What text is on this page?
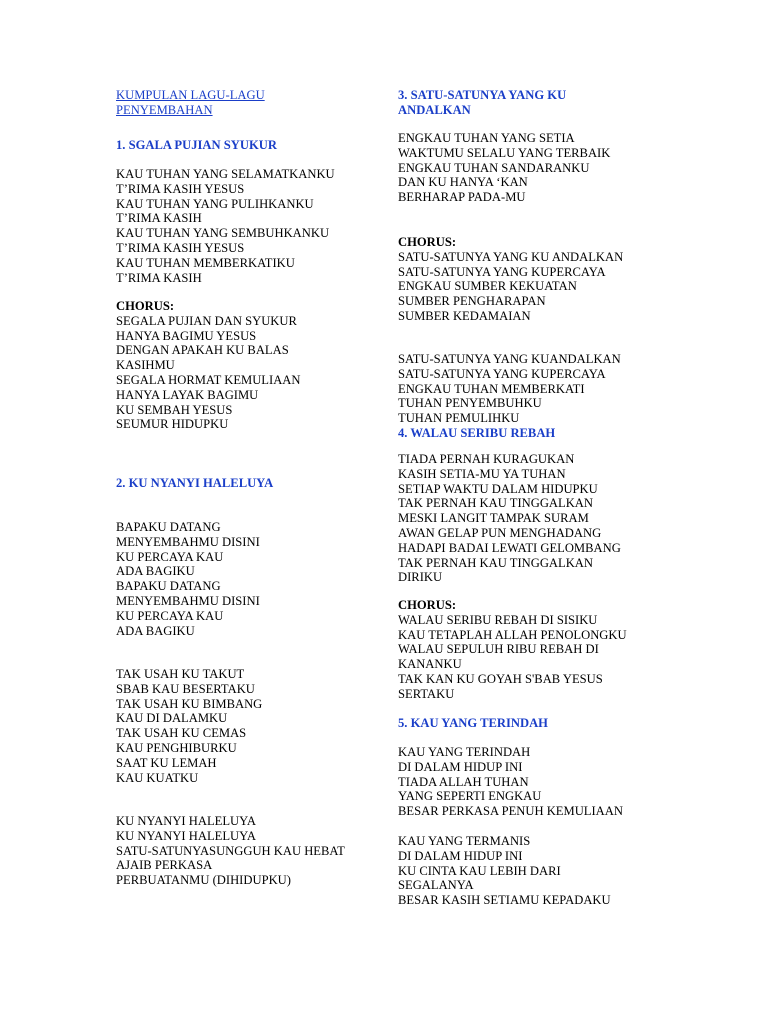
KUMPULAN LAGU-LAGU
PENYEMBAHAN
1. SGALA PUJIAN SYUKUR
KAU TUHAN YANG SELAMATKANKU
T’RIMA KASIH YESUS
KAU TUHAN YANG PULIHKANKU
T’RIMA KASIH
KAU TUHAN YANG SEMBUHKANKU
T’RIMA KASIH YESUS
KAU TUHAN MEMBERKATIKU
T’RIMA KASIH
CHORUS:
SEGALA PUJIAN DAN SYUKUR
HANYA BAGIMU YESUS
DENGAN APAKAH KU BALAS
KASIHMU
SEGALA HORMAT KEMULIAAN
HANYA LAYAK BAGIMU
KU SEMBAH YESUS
SEUMUR HIDUPKU
2. KU NYANYI HALELUYA
BAPAKU DATANG
MENYEMBAHMU DISINI
KU PERCAYA KAU
ADA BAGIKU
BAPAKU DATANG
MENYEMBAHMU DISINI
KU PERCAYA KAU
ADA BAGIKU
TAK USAH KU TAKUT
SBAB KAU BESERTAKU
TAK USAH KU BIMBANG
KAU DI DALAMKU
TAK USAH KU CEMAS
KAU PENGHIBURKU
SAAT KU LEMAH
KAU KUATKU
KU NYANYI HALELUYA
KU NYANYI HALELUYA
SATU-SATUNYASUNGGUH KAU HEBAT
AJAIB PERKASA
PERBUATANMU (DIHIDUPKU)
3. SATU-SATUNYA YANG KU
ANDALKAN
ENGKAU TUHAN YANG SETIA
WAKTUMU SELALU YANG TERBAIK
ENGKAU TUHAN SANDARANKU
DAN KU HANYA ‘KAN
BERHARAP PADA-MU
CHORUS:
SATU-SATUNYA YANG KU ANDALKAN
SATU-SATUNYA YANG KUPERCAYA
ENGKAU SUMBER KEKUATAN
SUMBER PENGHARAPAN
SUMBER KEDAMAIAN
SATU-SATUNYA YANG KUANDALKAN
SATU-SATUNYA YANG KUPERCAYA
ENGKAU TUHAN MEMBERKATI
TUHAN PENYEMBUHKU
TUHAN PEMULIHKU
4. WALAU SERIBU REBAH
TIADA PERNAH KURAGUKAN
KASIH SETIA-MU YA TUHAN
SETIAP WAKTU DALAM HIDUPKU
TAK PERNAH KAU TINGGALKAN
MESKI LANGIT TAMPAK SURAM
AWAN GELAP PUN MENGHADANG
HADAPI BADAI LEWATI GELOMBANG
TAK PERNAH KAU TINGGALKAN
DIRIKU
CHORUS:
WALAU SERIBU REBAH DI SISIKU
KAU TETAPLAH ALLAH PENOLONGKU
WALAU SEPULUH RIBU REBAH DI
KANANKU
TAK KAN KU GOYAH S'BAB YESUS
SERTAKU
5. KAU YANG TERINDAH
KAU YANG TERINDAH
DI DALAM HIDUP INI
TIADA ALLAH TUHAN
YANG SEPERTI ENGKAU
BESAR PERKASA PENUH KEMULIAAN
KAU YANG TERMANIS
DI DALAM HIDUP INI
KU CINTA KAU LEBIH DARI
SEGALANYA
BESAR KASIH SETIAMU KEPADAKU
